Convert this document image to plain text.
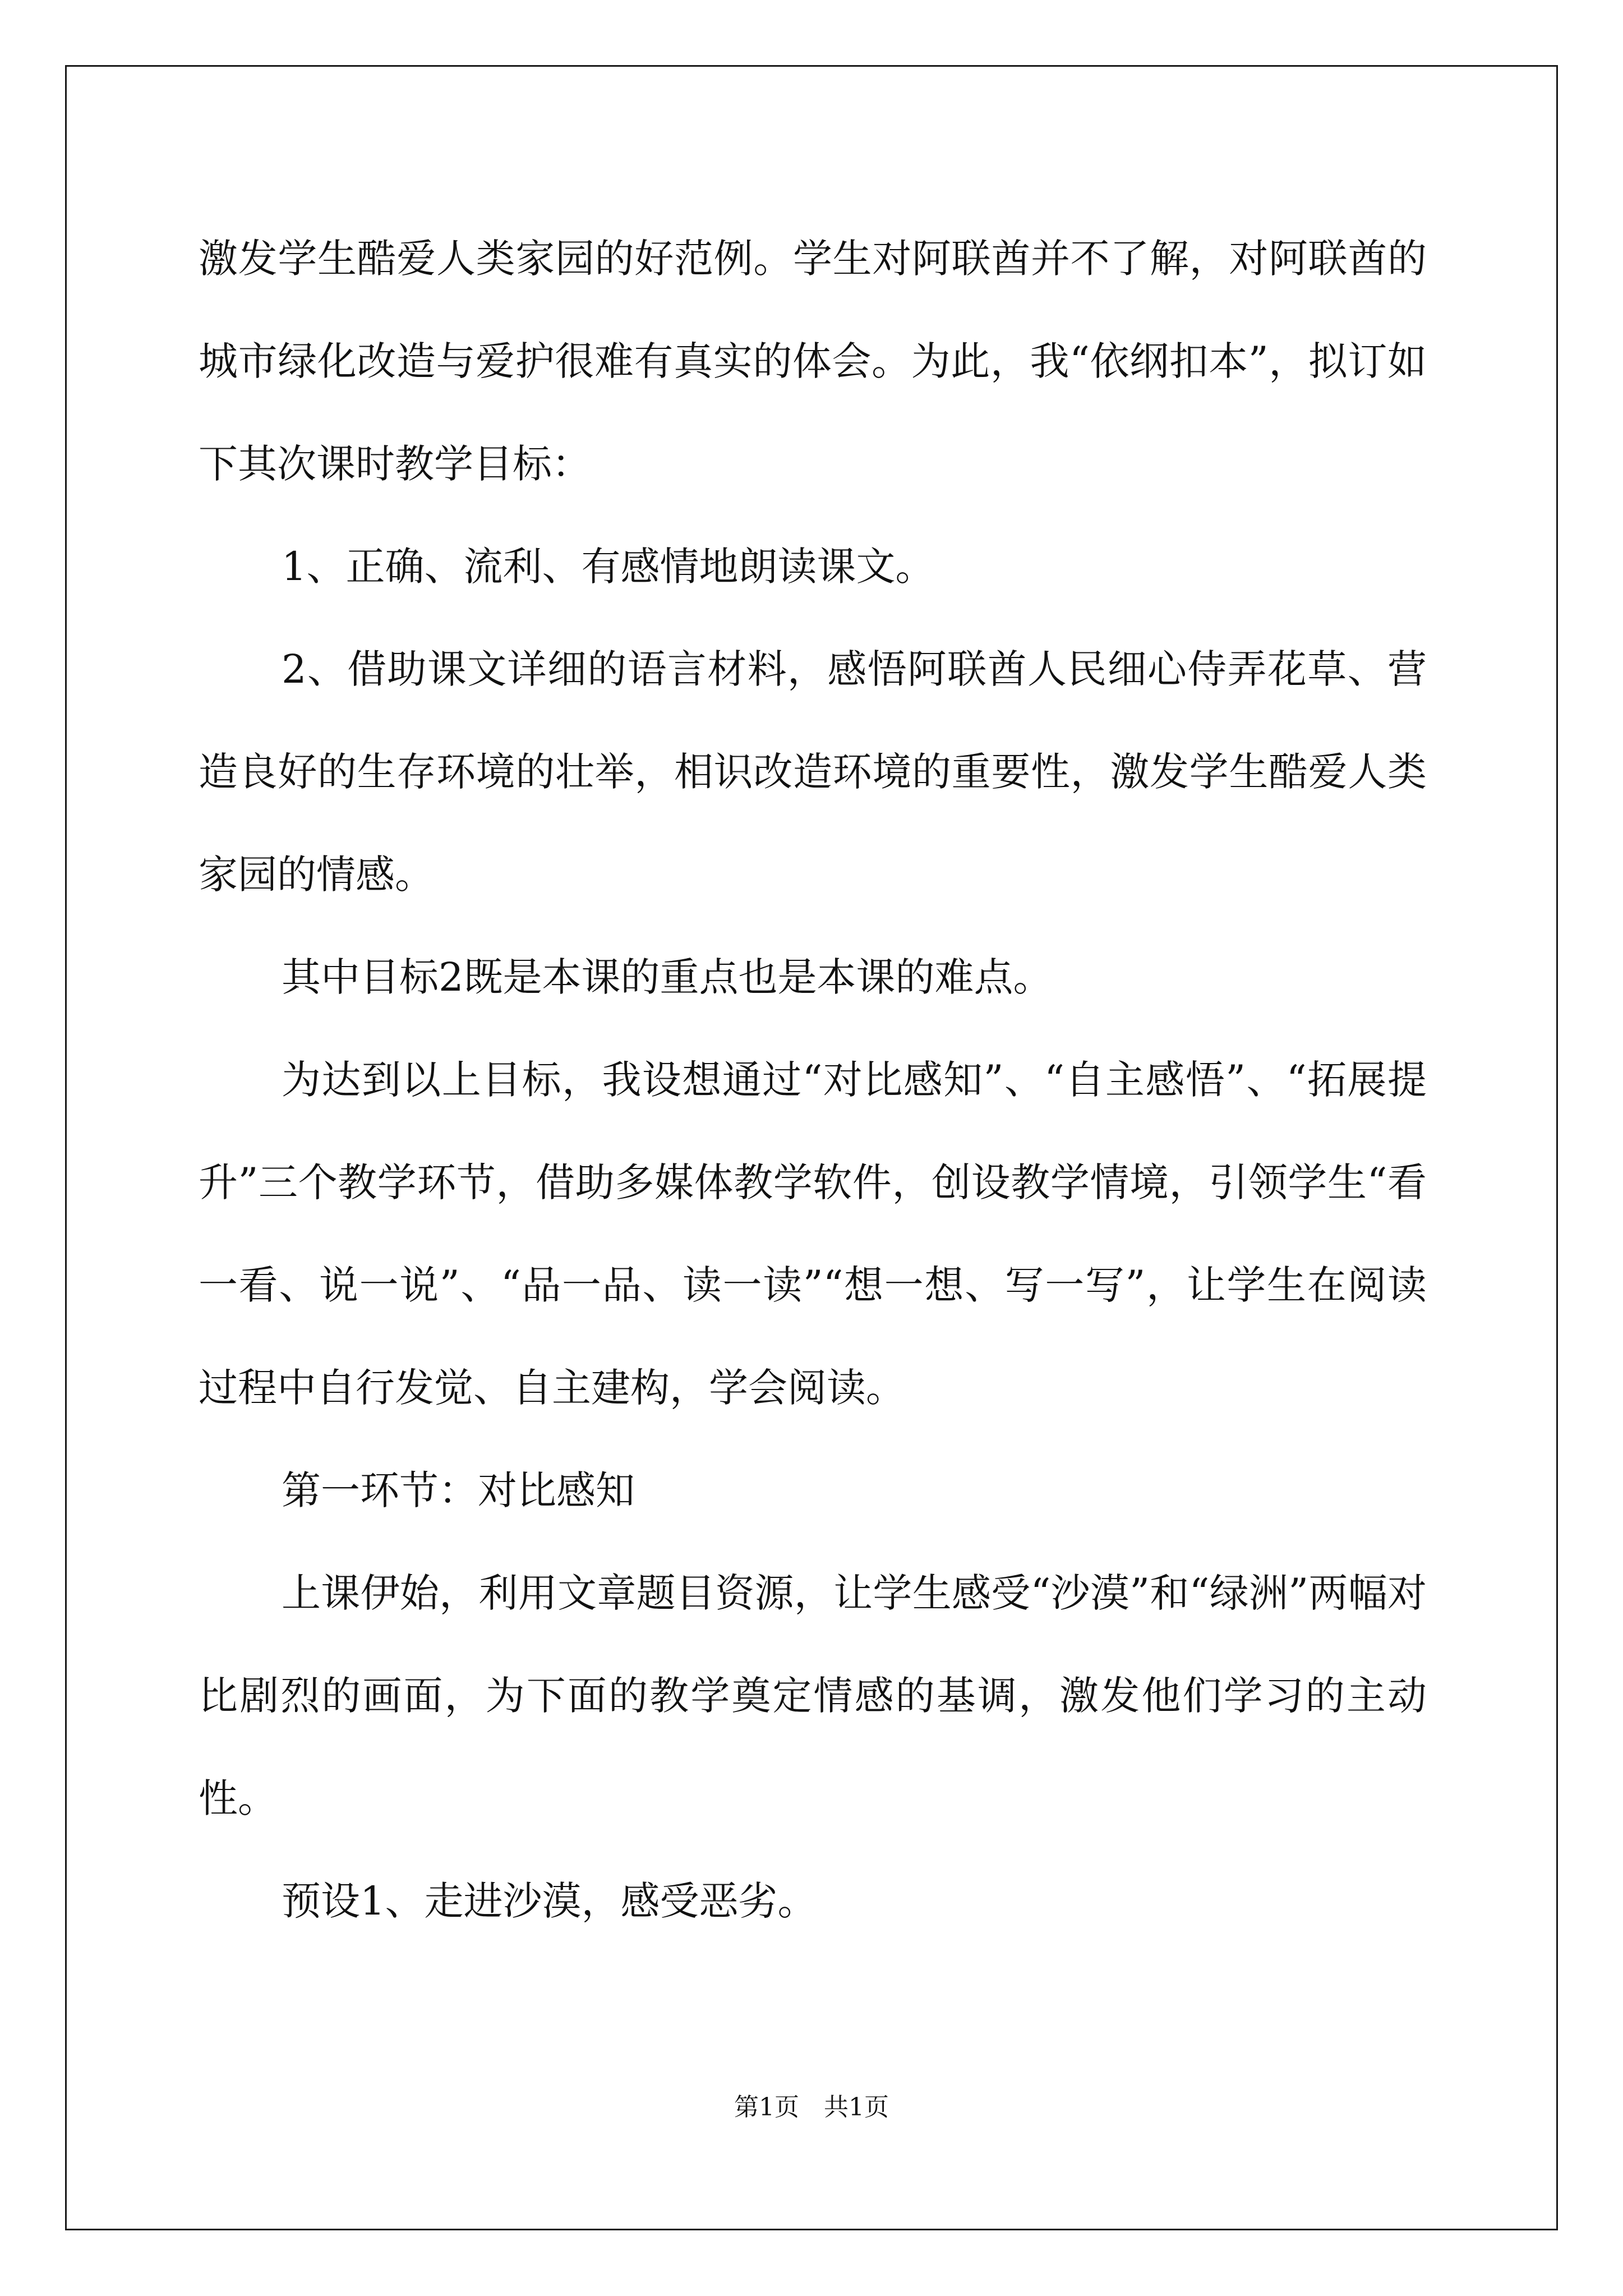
激发学生酷爱人类家园的好范例。学生对阿联酋并不了解，对阿联酋的城市绿化改造与爱护很难有真实的体会。为此，我“依纲扣本”，拟订如下其次课时教学目标：

1、正确、流利、有感情地朗读课文。

2、借助课文详细的语言材料，感悟阿联酋人民细心侍弄花草、营造良好的生存环境的壮举，相识改造环境的重要性，激发学生酷爱人类家园的情感。

其中目标2既是本课的重点也是本课的难点。

为达到以上目标，我设想通过“对比感知”、“自主感悟”、“拓展提升”三个教学环节，借助多媒体教学软件，创设教学情境，引领学生“看一看、说一说”、“品一品、读一读”“想一想、写一写”，让学生在阅读过程中自行发觉、自主建构，学会阅读。

第一环节：对比感知

上课伊始，利用文章题目资源，让学生感受“沙漠”和“绿洲”两幅对比剧烈的画面，为下面的教学奠定情感的基调，激发他们学习的主动性。

预设1、走进沙漠，感受恶劣。

第1页　共1页
